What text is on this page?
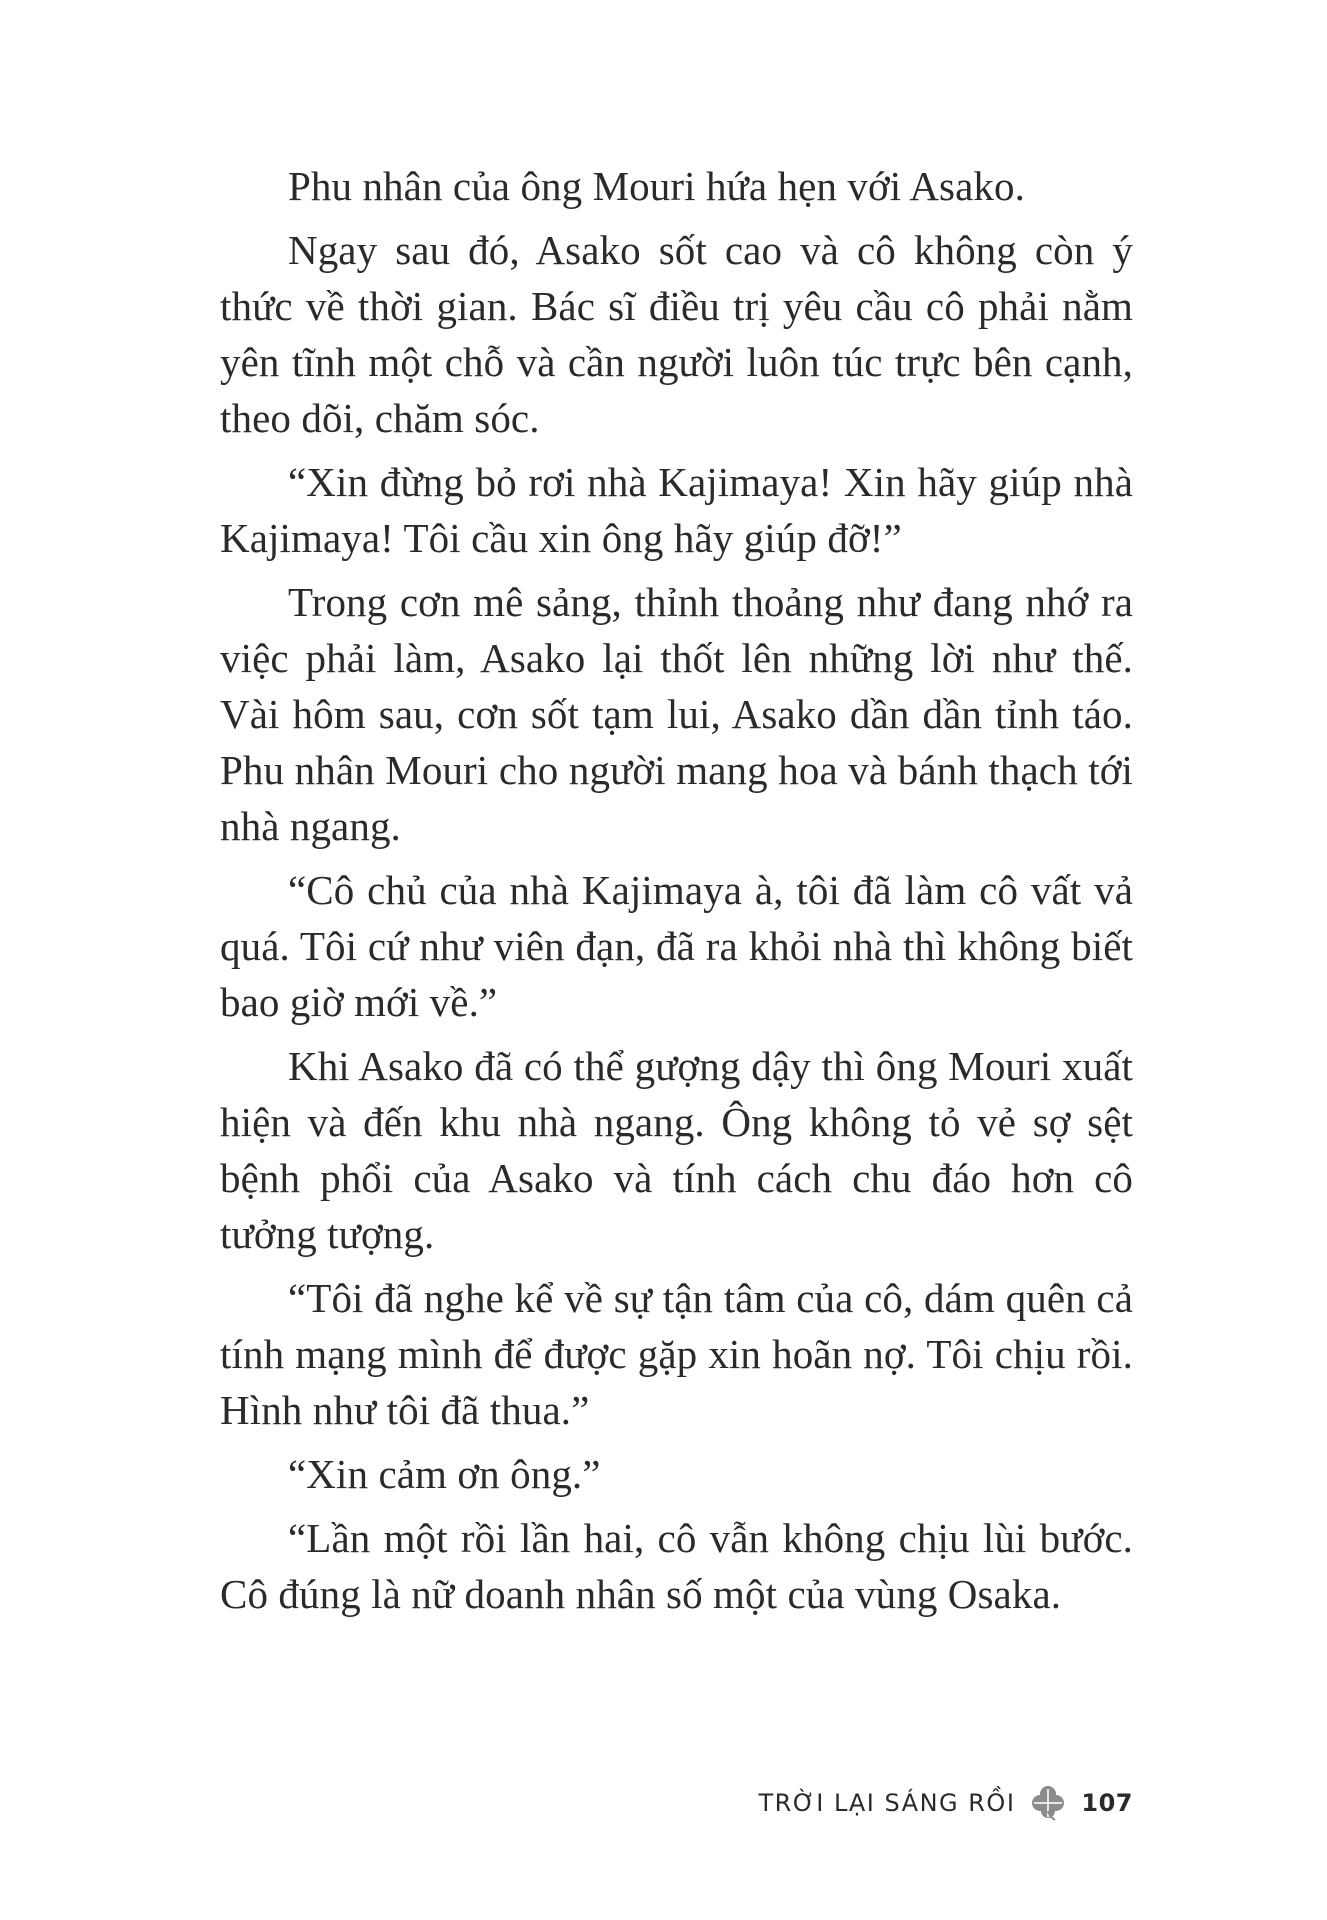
Phu nhân của ông Mouri hứa hẹn với Asako.

Ngay sau đó, Asako sốt cao và cô không còn ý thức về thời gian. Bác sĩ điều trị yêu cầu cô phải nằm yên tĩnh một chỗ và cần người luôn túc trực bên cạnh, theo dõi, chăm sóc.

“Xin đừng bỏ rơi nhà Kajimaya! Xin hãy giúp nhà Kajimaya! Tôi cầu xin ông hãy giúp đỡ!”

Trong cơn mê sảng, thỉnh thoảng như đang nhớ ra việc phải làm, Asako lại thốt lên những lời như thế. Vài hôm sau, cơn sốt tạm lui, Asako dần dần tỉnh táo. Phu nhân Mouri cho người mang hoa và bánh thạch tới nhà ngang.

“Cô chủ của nhà Kajimaya à, tôi đã làm cô vất vả quá. Tôi cứ như viên đạn, đã ra khỏi nhà thì không biết bao giờ mới về.”

Khi Asako đã có thể gượng dậy thì ông Mouri xuất hiện và đến khu nhà ngang. Ông không tỏ vẻ sợ sệt bệnh phổi của Asako và tính cách chu đáo hơn cô tưởng tượng.

“Tôi đã nghe kể về sự tận tâm của cô, dám quên cả tính mạng mình để được gặp xin hoãn nợ. Tôi chịu rồi. Hình như tôi đã thua.”

“Xin cảm ơn ông.”

“Lần một rồi lần hai, cô vẫn không chịu lùi bước. Cô đúng là nữ doanh nhân số một của vùng Osaka.

TRỜI LẠI SÁNG RỒI	107
